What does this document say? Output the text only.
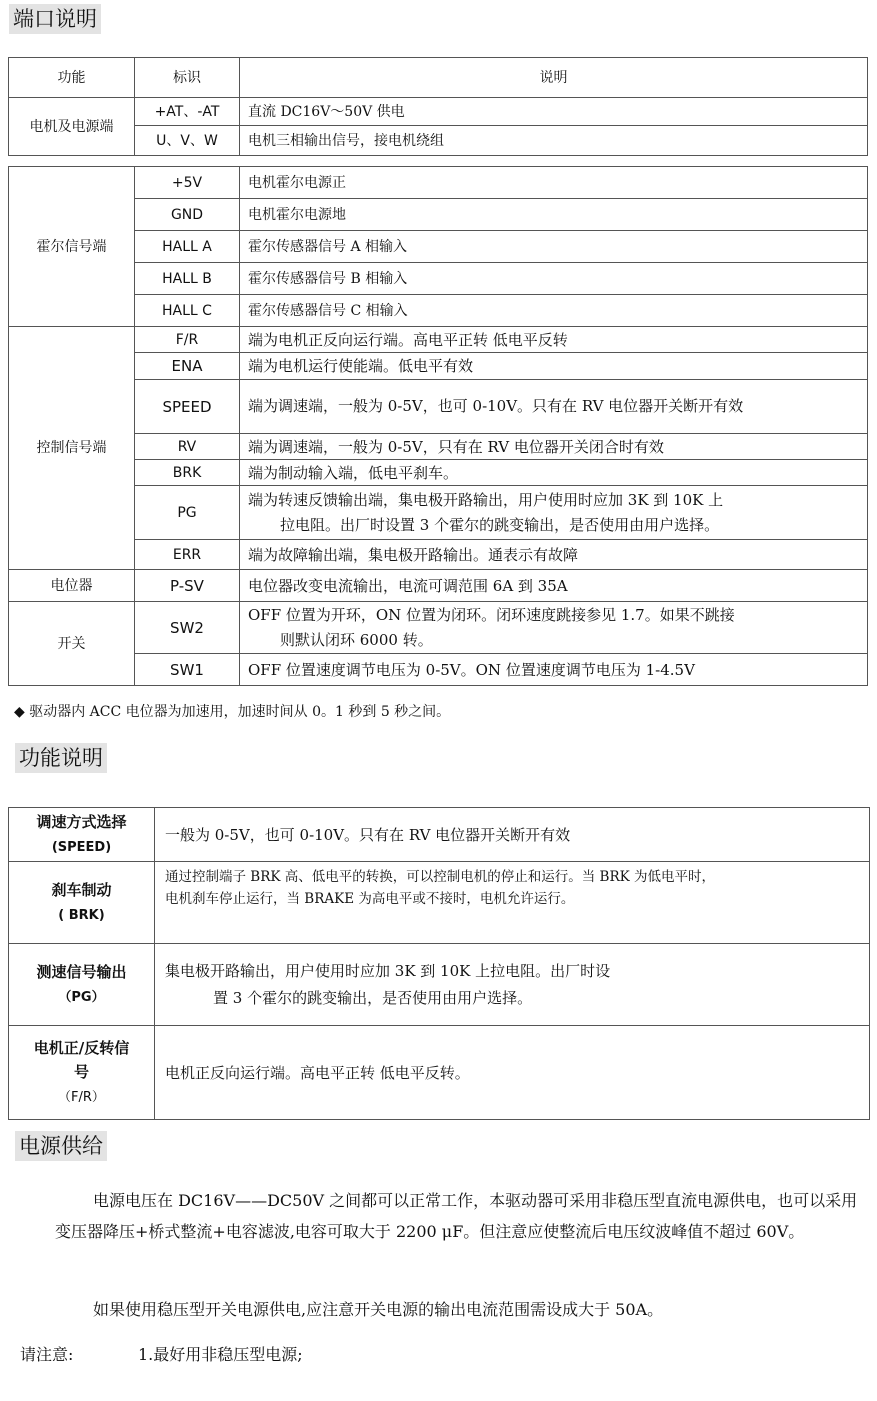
端口说明
功能	标识	说明
电机及电源端	+AT、-AT	直流 DC16V～50V 供电
	U、V、W	电机三相输出信号，接电机绕组
霍尔信号端	+5V	电机霍尔电源正
	GND	电机霍尔电源地
	HALL A	霍尔传感器信号 A 相输入
	HALL B	霍尔传感器信号 B 相输入
	HALL C	霍尔传感器信号 C 相输入
控制信号端	F/R	端为电机正反向运行端。高电平正转 低电平反转
	ENA	端为电机运行使能端。低电平有效
	SPEED	端为调速端，一般为 0-5V，也可 0-10V。只有在 RV 电位器开关断开有效
	RV	端为调速端，一般为 0-5V，只有在 RV 电位器开关闭合时有效
	BRK	端为制动输入端，低电平刹车。
	PG	端为转速反馈输出端，集电极开路输出，用户使用时应加 3K 到 10K 上
拉电阻。出厂时设置 3 个霍尔的跳变输出，是否使用由用户选择。
	ERR	端为故障输出端，集电极开路输出。通表示有故障
电位器	P-SV	电位器改变电流输出，电流可调范围 6A 到 35A
开关	SW2	OFF 位置为开环，ON 位置为闭环。闭环速度跳接参见 1.7。如果不跳接
则默认闭环 6000 转。
	SW1	OFF 位置速度调节电压为 0-5V。ON 位置速度调节电压为 1-4.5V
◆ 驱动器内 ACC 电位器为加速用，加速时间从 0。1 秒到 5 秒之间。
功能说明
调速方式选择
(SPEED)	一般为 0-5V，也可 0-10V。只有在 RV 电位器开关断开有效
刹车制动
( BRK)	通过控制端子 BRK 高、低电平的转换，可以控制电机的停止和运行。当 BRK 为低电平时，
电机刹车停止运行，当 BRAKE 为高电平或不接时，电机允许运行。
测速信号输出
（PG）	集电极开路输出，用户使用时应加 3K 到 10K 上拉电阻。出厂时设
置 3 个霍尔的跳变输出，是否使用由用户选择。
电机正/反转信
号
（F/R）	电机正反向运行端。高电平正转 低电平反转。
电源供给

电源电压在 DC16V——DC50V 之间都可以正常工作，本驱动器可采用非稳压型直流电源供电，也可以采用变压器降压+桥式整流+电容滤波,电容可取大于 2200 μF。但注意应使整流后电压纹波峰值不超过 60V。

如果使用稳压型开关电源供电,应注意开关电源的输出电流范围需设成大于 50A。

请注意:	1.最好用非稳压型电源;
